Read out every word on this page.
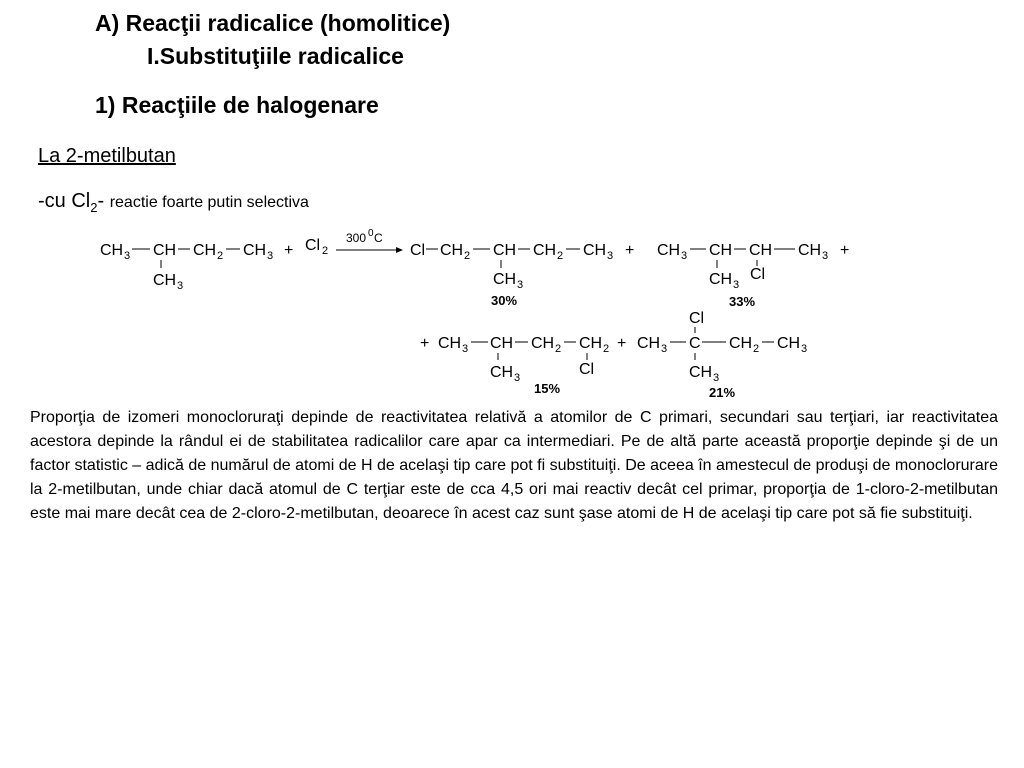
A) Reacţii radicalice (homolitice)
I.Substituţiile radicalice
1) Reacţiile de halogenare
La 2-metilbutan
-cu $Cl_2-$ reactie foarte putin selectiva
CH 3 CH CH 2 CH 3
CH 3
+ Cl 2
300 0 C
Cl CH 2 CH CH 2 CH 3
CH 3
30%
+ CH 3 CH CH CH 3
CH 3
Cl
33%
+
+ CH 3 CH CH 2 CH 2
CH 3	Cl
15%
+ CH 3 C CH 2 CH 3
Cl
CH 3
21%
Proporţia de izomeri monocloruraţi depinde de reactivitatea relativă a atomilor de C primari, secundari sau terţiari, iar reactivitatea acestora depinde la rândul ei de stabilitatea radicalilor care apar ca intermediari. Pe de altă parte această proporţie depinde şi de un factor statistic – adică de numărul de atomi de H de acelaşi tip care pot fi substituiţi. De aceea în amestecul de produşi de monoclorurare la 2-metilbutan, unde chiar dacă atomul de C terţiar este de cca 4,5 ori mai reactiv decât cel primar, proporţia de 1-cloro-2-metilbutan este mai mare decât cea de 2-cloro-2-metilbutan, deoarece în acest caz sunt şase atomi de H de acelaşi tip care pot să fie substituiţi.
